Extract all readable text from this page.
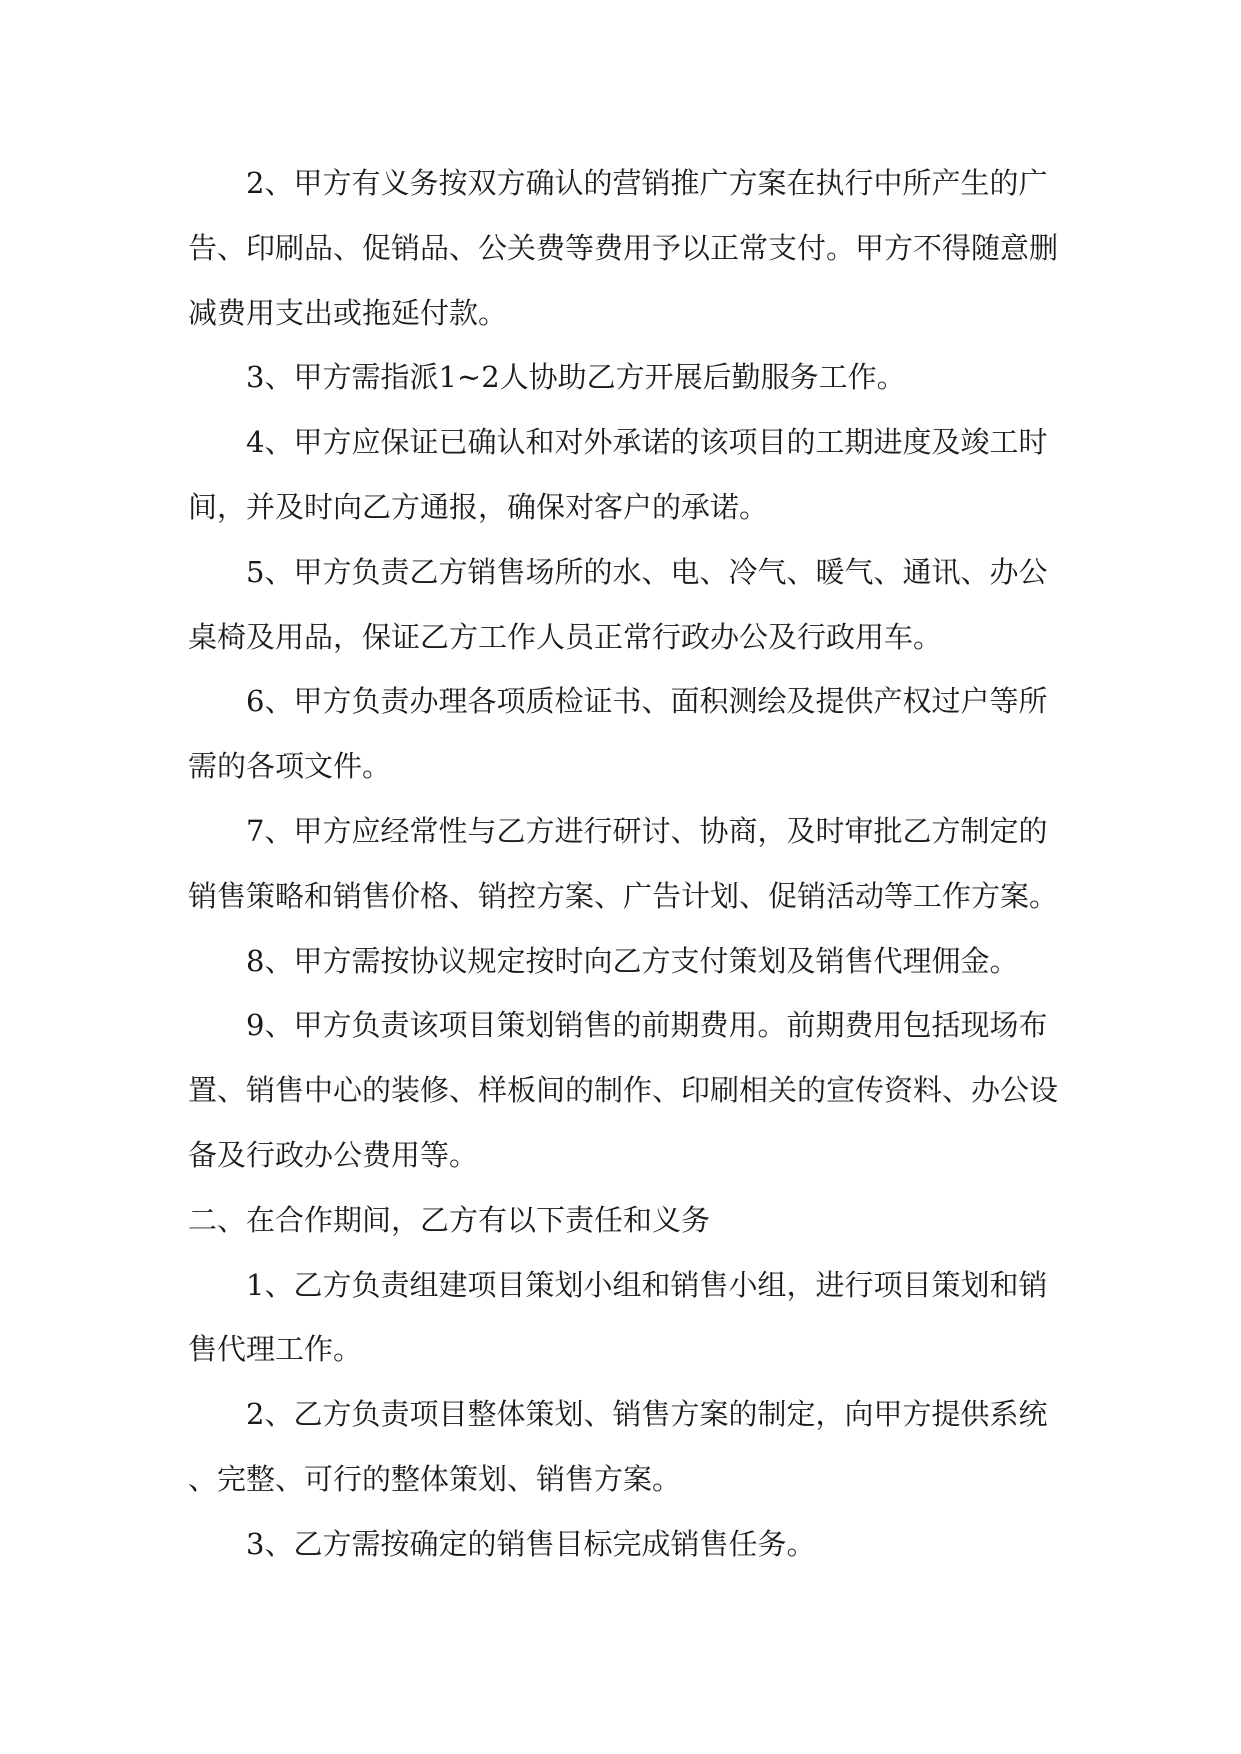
2、甲方有义务按双方确认的营销推广方案在执行中所产生的广
告、印刷品、促销品、公关费等费用予以正常支付。甲方不得随意删
减费用支出或拖延付款。
3、甲方需指派1~2人协助乙方开展后勤服务工作。
4、甲方应保证已确认和对外承诺的该项目的工期进度及竣工时
间，并及时向乙方通报，确保对客户的承诺。
5、甲方负责乙方销售场所的水、电、冷气、暖气、通讯、办公
桌椅及用品，保证乙方工作人员正常行政办公及行政用车。
6、甲方负责办理各项质检证书、面积测绘及提供产权过户等所
需的各项文件。
7、甲方应经常性与乙方进行研讨、协商，及时审批乙方制定的
销售策略和销售价格、销控方案、广告计划、促销活动等工作方案。
8、甲方需按协议规定按时向乙方支付策划及销售代理佣金。
9、甲方负责该项目策划销售的前期费用。前期费用包括现场布
置、销售中心的装修、样板间的制作、印刷相关的宣传资料、办公设
备及行政办公费用等。
二、在合作期间，乙方有以下责任和义务
1、乙方负责组建项目策划小组和销售小组，进行项目策划和销
售代理工作。
2、乙方负责项目整体策划、销售方案的制定，向甲方提供系统
、完整、可行的整体策划、销售方案。
3、乙方需按确定的销售目标完成销售任务。
